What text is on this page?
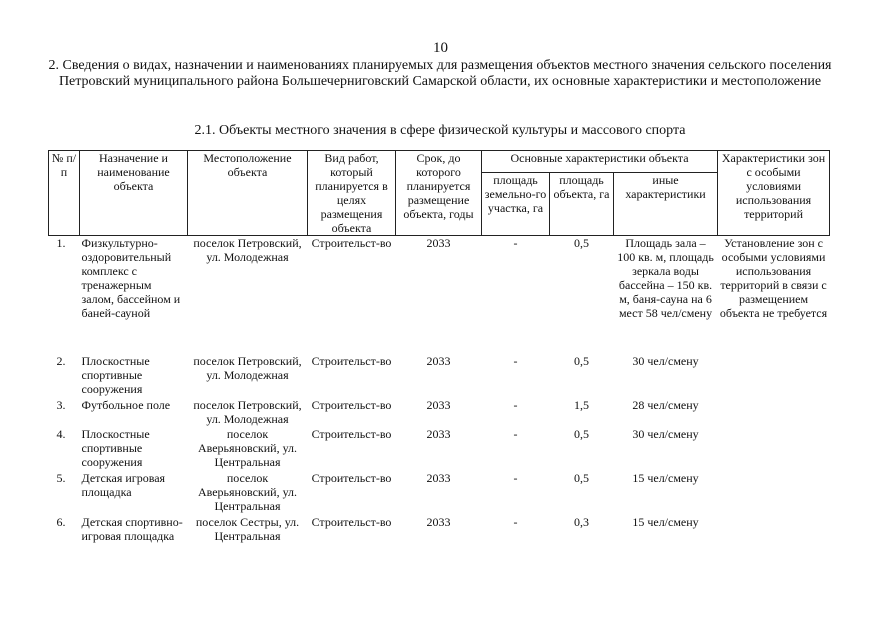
10
2. Сведения о видах, назначении и наименованиях планируемых для размещения объектов местного значения сельского поселения Петровский муниципального района Большечерниговский Самарской области, их основные характеристики и местоположение
2.1. Объекты местного значения в сфере физической культуры и массового спорта
№ п/п	Назначение и наименование объекта	Местоположение объекта	Вид работ, который планируется в целях размещения объекта	Срок, до которого планируется размещение объекта, годы	Основные характеристики объекта			Характеристики зон с особыми условиями использования территорий
					площадь земельно-го участка, га	площадь объекта, га	иные характеристики	
1.	Физкультурно-оздоровительный комплекс с тренажерным залом, бассейном и баней-сауной	поселок Петровский, ул. Молодежная	Строительст-во	2033	-	0,5	Площадь зала – 100 кв. м, площадь зеркала воды бассейна – 150 кв. м, баня-сауна на 6 мест 58 чел/смену	Установление зон с особыми условиями использования территорий в связи с размещением объекта не требуется
2.	Плоскостные спортивные сооружения	поселок Петровский, ул. Молодежная	Строительст-во	2033	-	0,5	30 чел/смену	
3.	Футбольное поле	поселок Петровский, ул. Молодежная	Строительст-во	2033	-	1,5	28 чел/смену	
4.	Плоскостные спортивные сооружения	поселок Аверьяновский, ул. Центральная	Строительст-во	2033	-	0,5	30 чел/смену	
5.	Детская игровая площадка	поселок Аверьяновский, ул. Центральная	Строительст-во	2033	-	0,5	15 чел/смену	
6.	Детская спортивно-игровая площадка	поселок Сестры, ул. Центральная	Строительст-во	2033	-	0,3	15 чел/смену	
